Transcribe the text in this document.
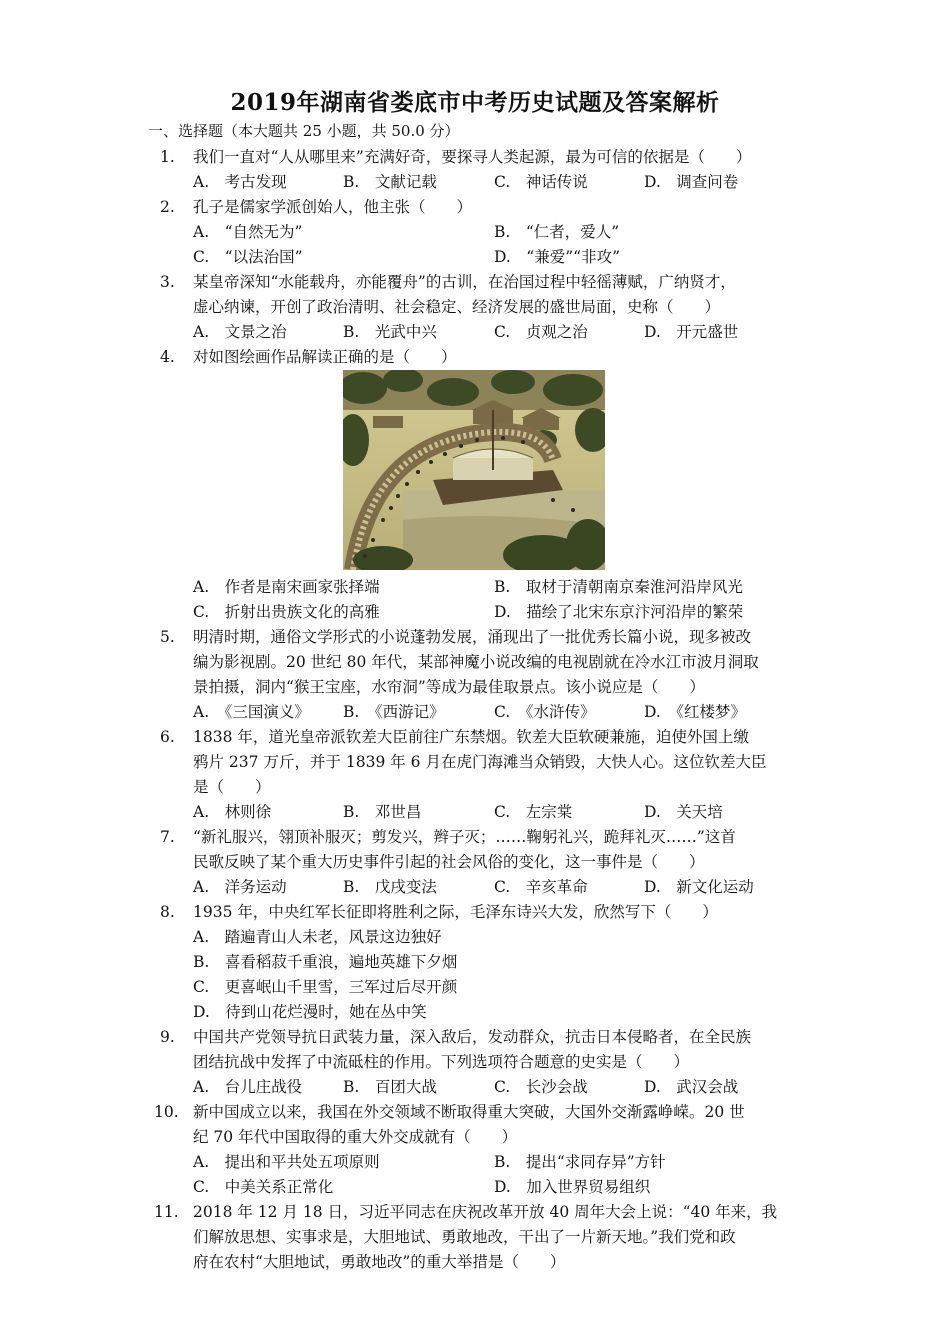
2019年湖南省娄底市中考历史试题及答案解析
一、选择题（本大题共 25 小题，共 50.0 分）
1.	我们一直对“人从哪里来”充满好奇，要探寻人类起源，最为可信的依据是（　　）
A.　考古发现	B.　文献记载	C.　神话传说	D.　调查问卷
2.	孔子是儒家学派创始人，他主张（　　）
A.　“自然无为”	B.　“仁者，爱人”
C.　“以法治国”	D.　“兼爱”“非攻”
3.	某皇帝深知“水能载舟，亦能覆舟”的古训，在治国过程中轻徭薄赋，广纳贤才，
虚心纳谏，开创了政治清明、社会稳定、经济发展的盛世局面，史称（　　）
A.　文景之治	B.　光武中兴	C.　贞观之治	D.　开元盛世
4.	对如图绘画作品解读正确的是（　　）
A.　作者是南宋画家张择端	B.　取材于清朝南京秦淮河沿岸风光
C.　折射出贵族文化的高雅	D.　描绘了北宋东京汴河沿岸的繁荣
5.	明清时期，通俗文学形式的小说蓬勃发展，涌现出了一批优秀长篇小说，现多被改
编为影视剧。20 世纪 80 年代，某部神魔小说改编的电视剧就在冷水江市波月洞取
景拍摄，洞内“猴王宝座，水帘洞”等成为最佳取景点。该小说应是（　　）
A.　《三国演义》 B.　《西游记》	C.　《水浒传》	D.　《红楼梦》
6.	1838 年，道光皇帝派钦差大臣前往广东禁烟。钦差大臣软硬兼施，迫使外国上缴
鸦片 237 万斤，并于 1839 年 6 月在虎门海滩当众销毁，大快人心。这位钦差大臣
是（　　）
A.　林则徐	B.　邓世昌	C.　左宗棠	D.　关天培
7.	“新礼服兴，翎顶补服灭；剪发兴，辫子灭；……鞠躬礼兴，跪拜礼灭……”这首
民歌反映了某个重大历史事件引起的社会风俗的变化，这一事件是（　　）
A.　洋务运动	B.　戊戌变法	C.　辛亥革命	D.　新文化运动
8.	1935 年，中央红军长征即将胜利之际，毛泽东诗兴大发，欣然写下（　　）
A.　踏遍青山人未老，风景这边独好
B.　喜看稻菽千重浪，遍地英雄下夕烟
C.　更喜岷山千里雪，三军过后尽开颜
D.　待到山花烂漫时，她在丛中笑
9.	中国共产党领导抗日武装力量，深入敌后，发动群众，抗击日本侵略者，在全民族
团结抗战中发挥了中流砥柱的作用。下列选项符合题意的史实是（　　）
A.　台儿庄战役	B.　百团大战	C.　长沙会战	D.　武汉会战
10. 新中国成立以来，我国在外交领域不断取得重大突破，大国外交渐露峥嵘。20 世
纪 70 年代中国取得的重大外交成就有（　　）
A.　提出和平共处五项原则	B.　提出“求同存异”方针
C.　中美关系正常化	D.　加入世界贸易组织
11. 2018 年 12 月 18 日，习近平同志在庆祝改革开放 40 周年大会上说：“40 年来，我
们解放思想、实事求是，大胆地试、勇敢地改，干出了一片新天地。”我们党和政
府在农村“大胆地试，勇敢地改”的重大举措是（　　）
